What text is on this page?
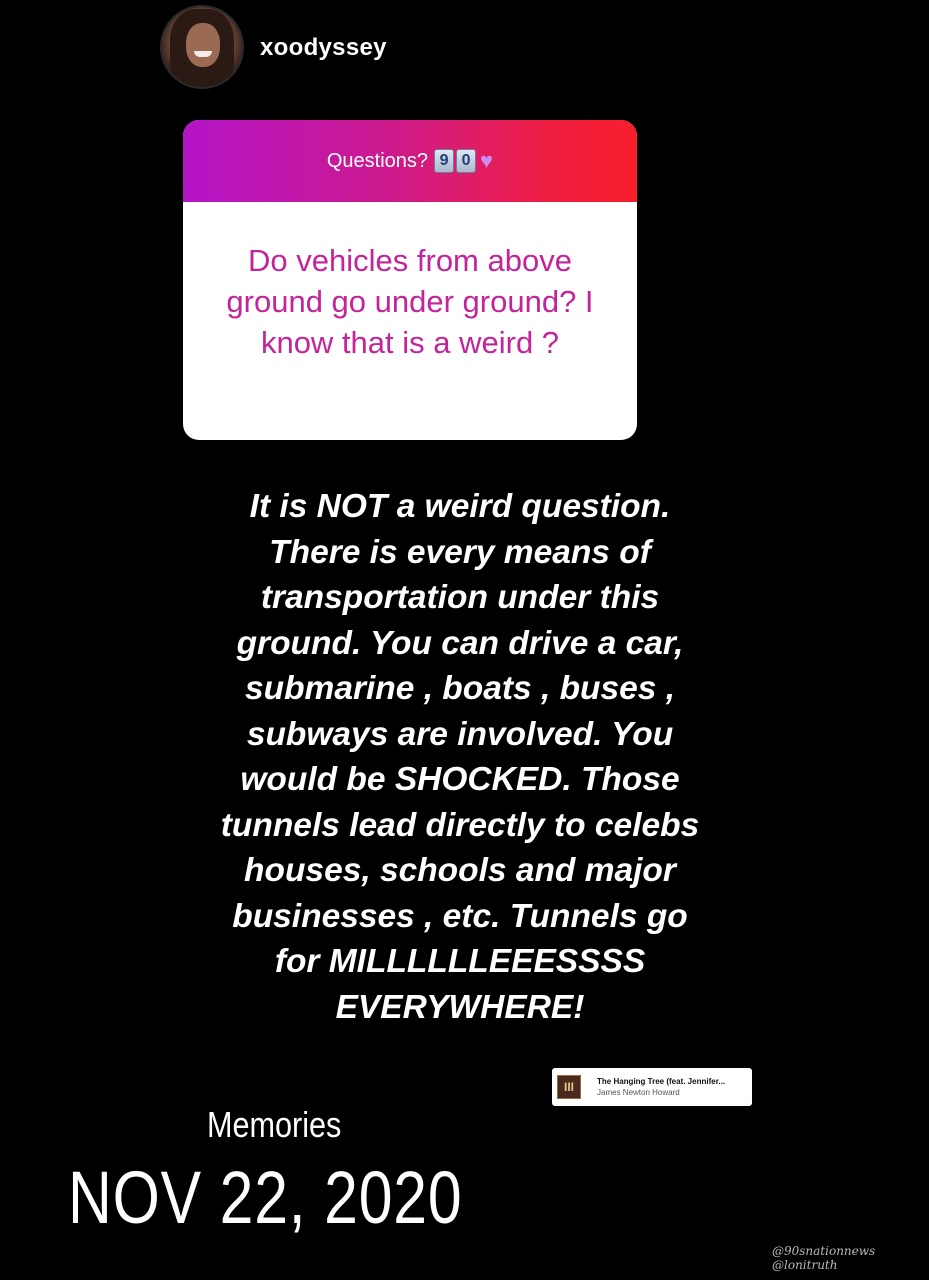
xoodyssey
Questions? 9 0 ♥
Do vehicles from above ground go under ground? I know that is a weird ?
It is NOT a weird question.
There is every means of
transportation under this
ground. You can drive a car,
submarine , boats , buses ,
subways are involved. You
would be SHOCKED. Those
tunnels lead directly to celebs
houses, schools and major
businesses , etc. Tunnels go
for MILLLLLLEEESSSS
EVERYWHERE!
III	The Hanging Tree (feat. Jennifer...
James Newton Howard
Memories
NOV 22, 2020
@90snationnews
@lonitruth
